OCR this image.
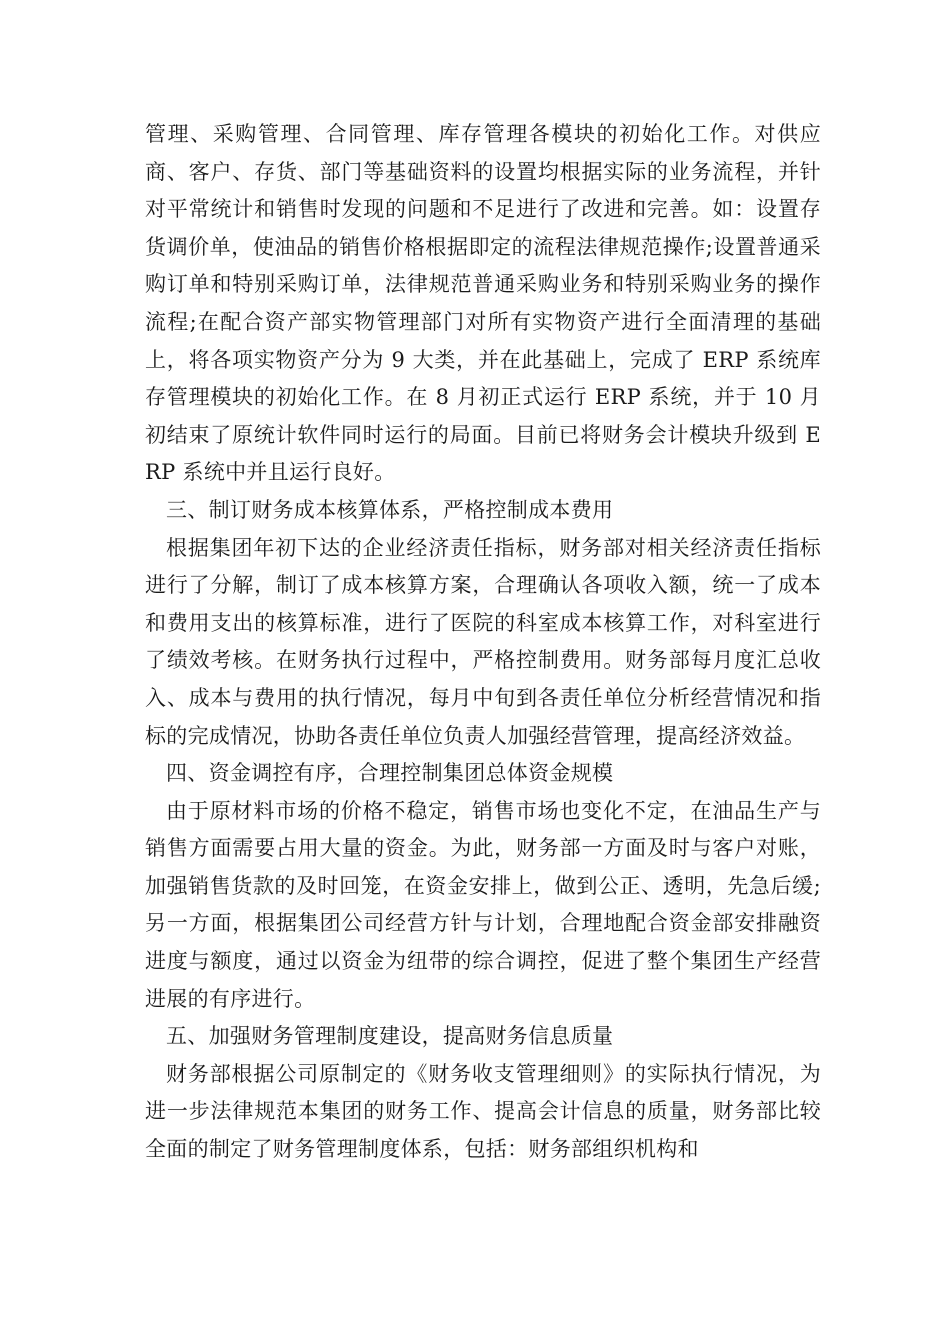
管理、采购管理、合同管理、库存管理各模块的初始化工作。对供应商、客户、存货、部门等基础资料的设置均根据实际的业务流程，并针对平常统计和销售时发现的问题和不足进行了改进和完善。如：设置存货调价单，使油品的销售价格根据即定的流程法律规范操作;设置普通采购订单和特别采购订单，法律规范普通采购业务和特别采购业务的操作流程;在配合资产部实物管理部门对所有实物资产进行全面清理的基础上，将各项实物资产分为 9 大类，并在此基础上，完成了 ERP 系统库存管理模块的初始化工作。在 8 月初正式运行 ERP 系统，并于 10 月初结束了原统计软件同时运行的局面。目前已将财务会计模块升级到 ERP 系统中并且运行良好。

三、制订财务成本核算体系，严格控制成本费用

根据集团年初下达的企业经济责任指标，财务部对相关经济责任指标进行了分解，制订了成本核算方案，合理确认各项收入额，统一了成本和费用支出的核算标准，进行了医院的科室成本核算工作，对科室进行了绩效考核。在财务执行过程中，严格控制费用。财务部每月度汇总收入、成本与费用的执行情况，每月中旬到各责任单位分析经营情况和指标的完成情况，协助各责任单位负责人加强经营管理，提高经济效益。

四、资金调控有序，合理控制集团总体资金规模

由于原材料市场的价格不稳定，销售市场也变化不定，在油品生产与销售方面需要占用大量的资金。为此，财务部一方面及时与客户对账，加强销售货款的及时回笼，在资金安排上，做到公正、透明，先急后缓;另一方面，根据集团公司经营方针与计划，合理地配合资金部安排融资进度与额度，通过以资金为纽带的综合调控，促进了整个集团生产经营进展的有序进行。

五、加强财务管理制度建设，提高财务信息质量

财务部根据公司原制定的《财务收支管理细则》的实际执行情况，为进一步法律规范本集团的财务工作、提高会计信息的质量，财务部比较全面的制定了财务管理制度体系，包括：财务部组织机构和
